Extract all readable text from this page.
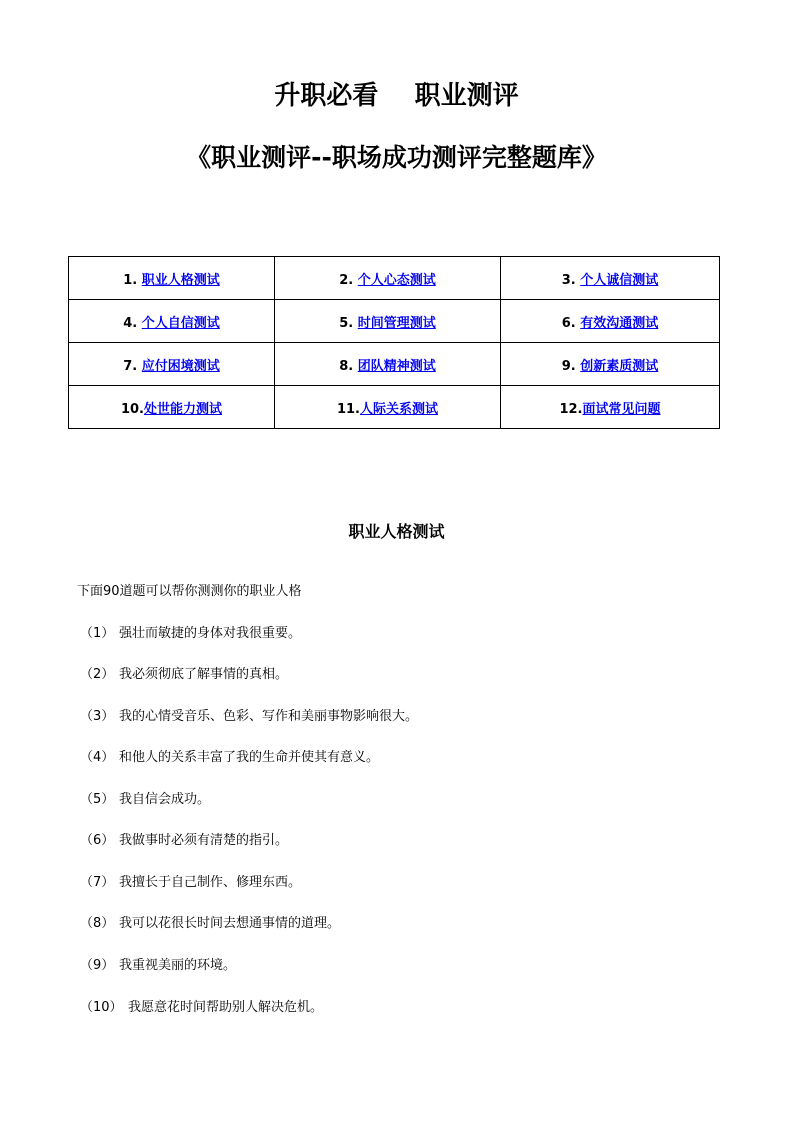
升职必看    职业测评
《职业测评--职场成功测评完整题库》
1. 职业人格测试	2. 个人心态测试	3. 个人诚信测试
4. 个人自信测试	5. 时间管理测试	6. 有效沟通测试
7. 应付困境测试	8. 团队精神测试	9. 创新素质测试
10.处世能力测试	11.人际关系测试	12.面试常见问题
职业人格测试
下面90道题可以帮你测测你的职业人格
（1） 强壮而敏捷的身体对我很重要。
（2） 我必须彻底了解事情的真相。
（3） 我的心情受音乐、色彩、写作和美丽事物影响很大。
（4） 和他人的关系丰富了我的生命并使其有意义。
（5） 我自信会成功。
（6） 我做事时必须有清楚的指引。
（7） 我擅长于自己制作、修理东西。
（8） 我可以花很长时间去想通事情的道理。
（9） 我重视美丽的环境。
（10） 我愿意花时间帮助别人解决危机。
